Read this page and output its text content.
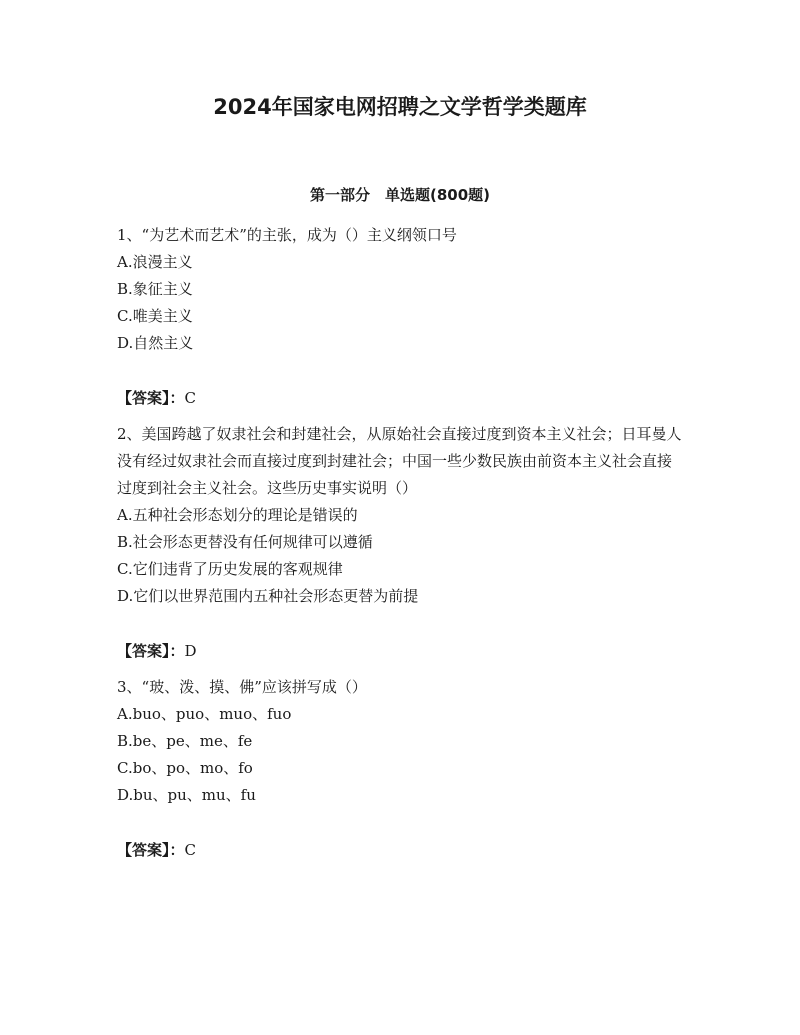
2024年国家电网招聘之文学哲学类题库
第一部分　单选题(800题)

1、“为艺术而艺术”的主张，成为（）主义纲领口号

A.浪漫主义
B.象征主义
C.唯美主义
D.自然主义

【答案】：C

2、美国跨越了奴隶社会和封建社会，从原始社会直接过度到资本主义社会；日耳曼人没有经过奴隶社会而直接过度到封建社会；中国一些少数民族由前资本主义社会直接过度到社会主义社会。这些历史事实说明（）

A.五种社会形态划分的理论是错误的
B.社会形态更替没有任何规律可以遵循
C.它们违背了历史发展的客观规律
D.它们以世界范围内五种社会形态更替为前提

【答案】：D

3、“玻、泼、摸、佛”应该拼写成（）

A.buo、puo、muo、fuo
B.be、pe、me、fe
C.bo、po、mo、fo
D.bu、pu、mu、fu

【答案】：C
